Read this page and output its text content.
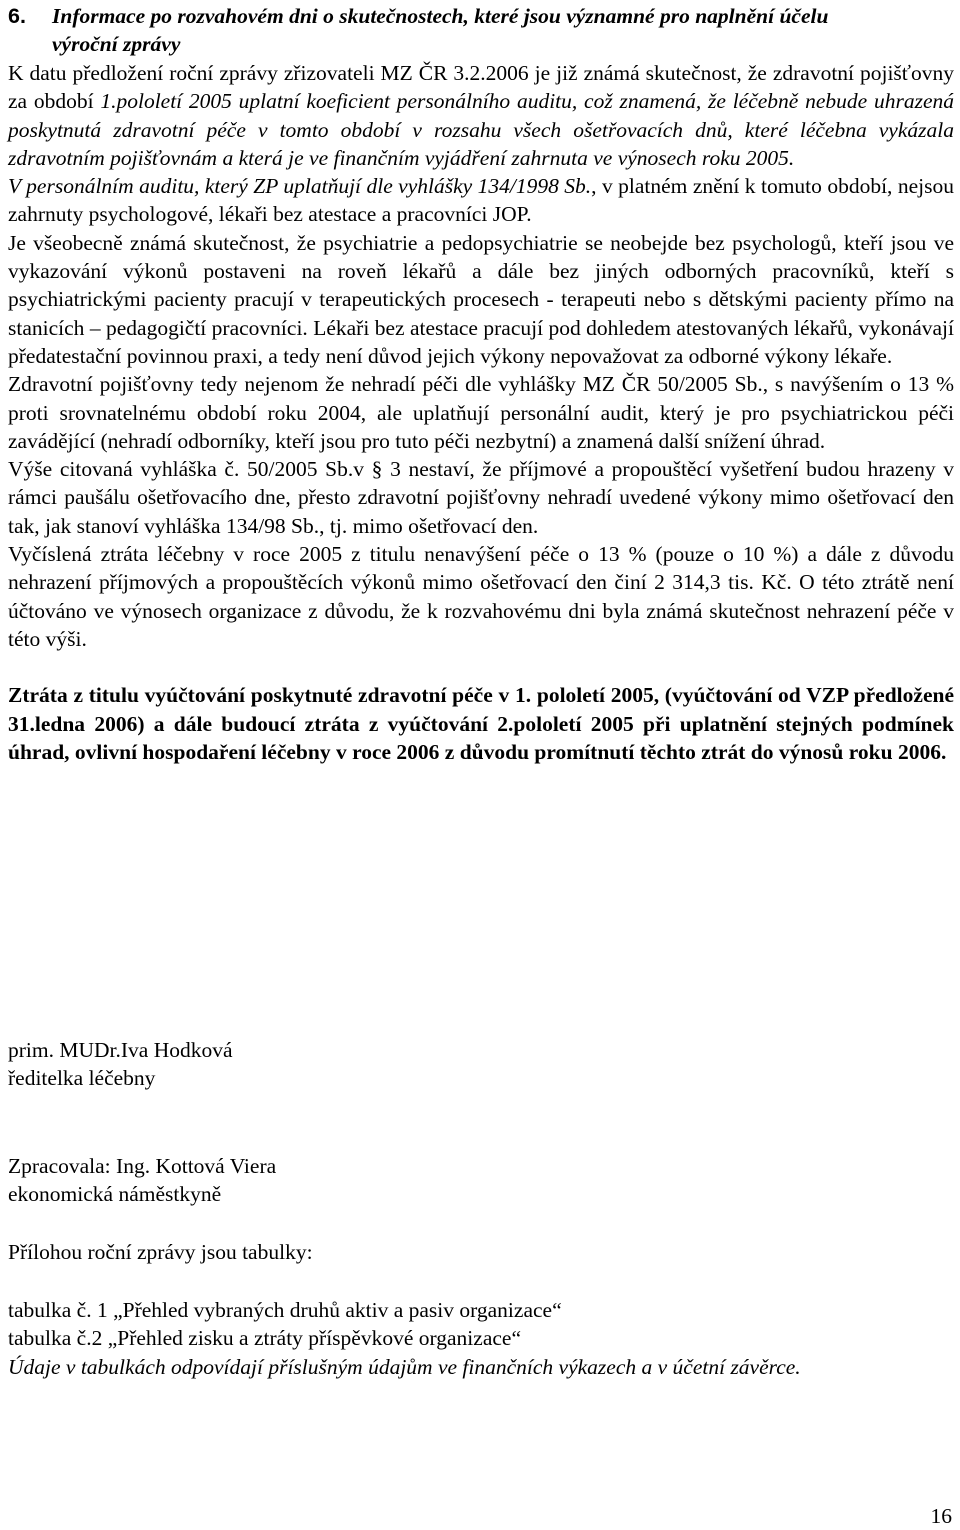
6. Informace po rozvahovém dni o skutečnostech, které jsou významné pro naplnění účelu
výroční zprávy

K datu předložení roční zprávy zřizovateli MZ ČR 3.2.2006 je již známá skutečnost, že zdravotní pojišťovny za období 1.pololetí 2005 uplatní koeficient personálního auditu, což znamená, že léčebně nebude uhrazená poskytnutá zdravotní péče v tomto období v rozsahu všech ošetřovacích dnů, které léčebna vykázala zdravotním pojišťovnám a která je ve finančním vyjádření zahrnuta ve výnosech roku 2005.

V personálním auditu, který ZP uplatňují dle vyhlášky 134/1998 Sb., v platném znění k tomuto období, nejsou zahrnuty psychologové, lékaři bez atestace a pracovníci JOP.

Je všeobecně známá skutečnost, že psychiatrie a pedopsychiatrie se neobejde bez psychologů, kteří jsou ve vykazování výkonů postaveni na roveň lékařů a dále bez jiných odborných pracovníků, kteří s psychiatrickými pacienty pracují v terapeutických procesech - terapeuti nebo s dětskými pacienty přímo na stanicích – pedagogičtí pracovníci. Lékaři bez atestace pracují pod dohledem atestovaných lékařů, vykonávají předatestační povinnou praxi, a tedy není důvod jejich výkony nepovažovat za odborné výkony lékaře.

Zdravotní pojišťovny tedy nejenom že nehradí péči dle vyhlášky MZ ČR 50/2005 Sb., s navýšením o 13 % proti srovnatelnému období roku 2004, ale uplatňují personální audit, který je pro psychiatrickou péči zavádějící (nehradí odborníky, kteří jsou pro tuto péči nezbytní) a znamená další snížení úhrad.

Výše citovaná vyhláška č. 50/2005 Sb.v § 3 nestaví, že příjmové a propouštěcí vyšetření budou hrazeny v rámci paušálu ošetřovacího dne, přesto zdravotní pojišťovny nehradí uvedené výkony mimo ošetřovací den tak, jak stanoví vyhláška 134/98 Sb., tj. mimo ošetřovací den.

Vyčíslená ztráta léčebny v roce 2005 z titulu nenavýšení péče o 13 % (pouze o 10 %) a dále z důvodu nehrazení příjmových a propouštěcích výkonů mimo ošetřovací den činí 2 314,3 tis. Kč. O této ztrátě není účtováno ve výnosech organizace z důvodu, že k rozvahovému dni byla známá skutečnost nehrazení péče v této výši.

Ztráta z titulu vyúčtování poskytnuté zdravotní péče v 1. pololetí 2005, (vyúčtování od VZP předložené 31.ledna 2006) a dále budoucí ztráta z vyúčtování 2.pololetí 2005 při uplatnění stejných podmínek úhrad, ovlivní hospodaření léčebny v roce 2006 z důvodu promítnutí těchto ztrát do výnosů roku 2006.

prim. MUDr.Iva Hodková

ředitelka léčebny

Zpracovala: Ing. Kottová Viera

ekonomická náměstkyně

Přílohou roční zprávy jsou tabulky:

tabulka č. 1 „Přehled vybraných druhů aktiv a pasiv organizace“

tabulka č.2 „Přehled zisku a ztráty příspěvkové organizace“

Údaje v tabulkách odpovídají příslušným údajům ve finančních výkazech a v účetní závěrce.

16
